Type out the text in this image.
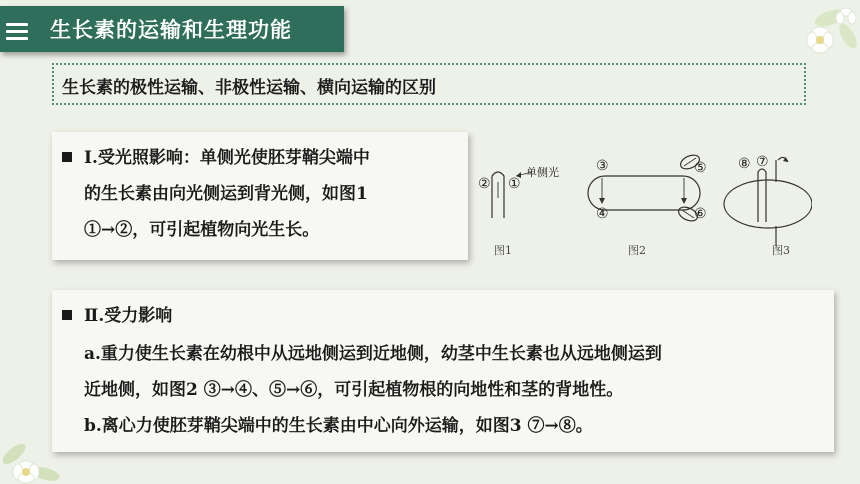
生长素的运输和生理功能
生长素的极性运输、非极性运输、横向运输的区别
Ⅰ.受光照影响：单侧光使胚芽鞘尖端中
的生长素由向光侧运到背光侧，如图1
①→②，可引起植物向光生长。
② ①
单侧光
图1
③
④
⑤
⑥
图2
⑧ ⑦
图3
Ⅱ.受力影响
a.重力使生长素在幼根中从远地侧运到近地侧，幼茎中生长素也从远地侧运到
近地侧，如图2 ③→④、⑤→⑥，可引起植物根的向地性和茎的背地性。
b.离心力使胚芽鞘尖端中的生长素由中心向外运输，如图3 ⑦→⑧。
